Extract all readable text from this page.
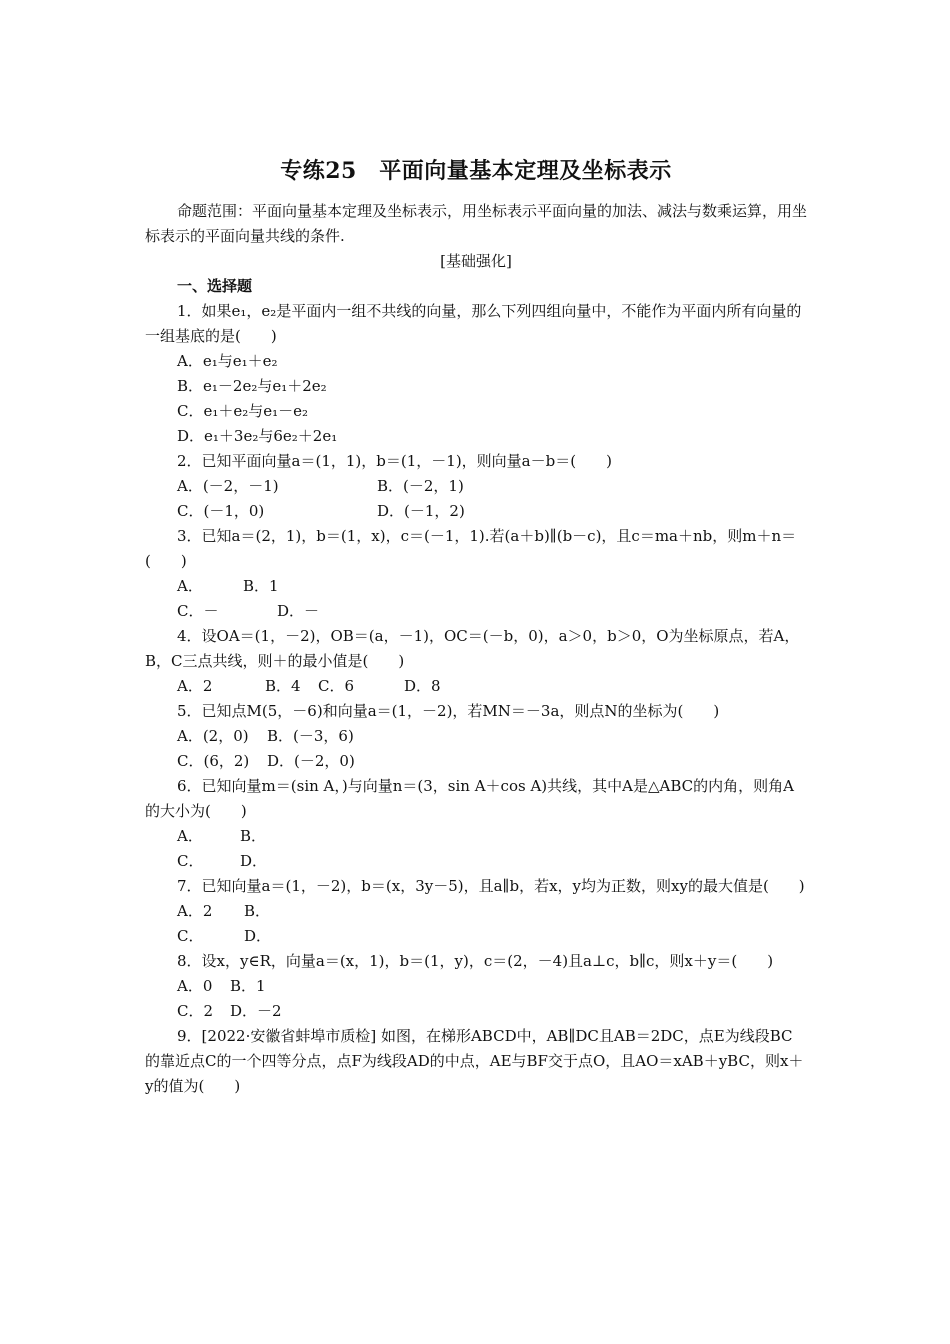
专练25　平面向量基本定理及坐标表示

命题范围：平面向量基本定理及坐标表示，用坐标表示平面向量的加法、减法与数乘运算，用坐标表示的平面向量共线的条件.

[基础强化]
一、选择题

1．如果e₁，e₂是平面内一组不共线的向量，那么下列四组向量中，不能作为平面内所有向量的一组基底的是(　　)

A．e₁与e₁＋e₂
B．e₁－2e₂与e₁＋2e₂
C．e₁＋e₂与e₁－e₂
D．e₁＋3e₂与6e₂＋2e₁

2．已知平面向量a＝(1，1)，b＝(1，－1)，则向量a－b＝(　　)

A．(－2，－1)	B．(－2，1)
C．(－1，0)	D．(－1，2)

3．已知a＝(2，1)，b＝(1，x)，c＝(－1，1).若(a＋b)∥(b－c)，且c＝ma＋nb，则m＋n＝(　　)

A．	B．1
C．－	D．－

4．设OA＝(1，－2)，OB＝(a，－1)，OC＝(－b，0)，a＞0，b＞0，O为坐标原点，若A，B，C三点共线，则＋的最小值是(　　)

A．2	B．4	C．6	D．8

5．已知点M(5，－6)和向量a＝(1，－2)，若MN＝－3a，则点N的坐标为(　　)

A．(2，0)	B．(－3，6)
C．(6，2)	D．(－2，0)

6．已知向量m＝(sin A，)与向量n＝(3，sin A＋cos A)共线，其中A是△ABC的内角，则角A的大小为(　　)

A．	B．
C．	D．

7．已知向量a＝(1，－2)，b＝(x，3y－5)，且a∥b，若x，y均为正数，则xy的最大值是(　　)

A．2	B．
C．	D．

8．设x，y∈R，向量a＝(x，1)，b＝(1，y)，c＝(2，－4)且a⊥c，b∥c，则x＋y＝(　　)

A．0	B．1
C．2	D．－2

9．[2022·安徽省蚌埠市质检] 如图，在梯形ABCD中，AB∥DC且AB＝2DC，点E为线段BC的靠近点C的一个四等分点，点F为线段AD的中点，AE与BF交于点O，且AO＝xAB＋yBC，则x＋y的值为(　　)
